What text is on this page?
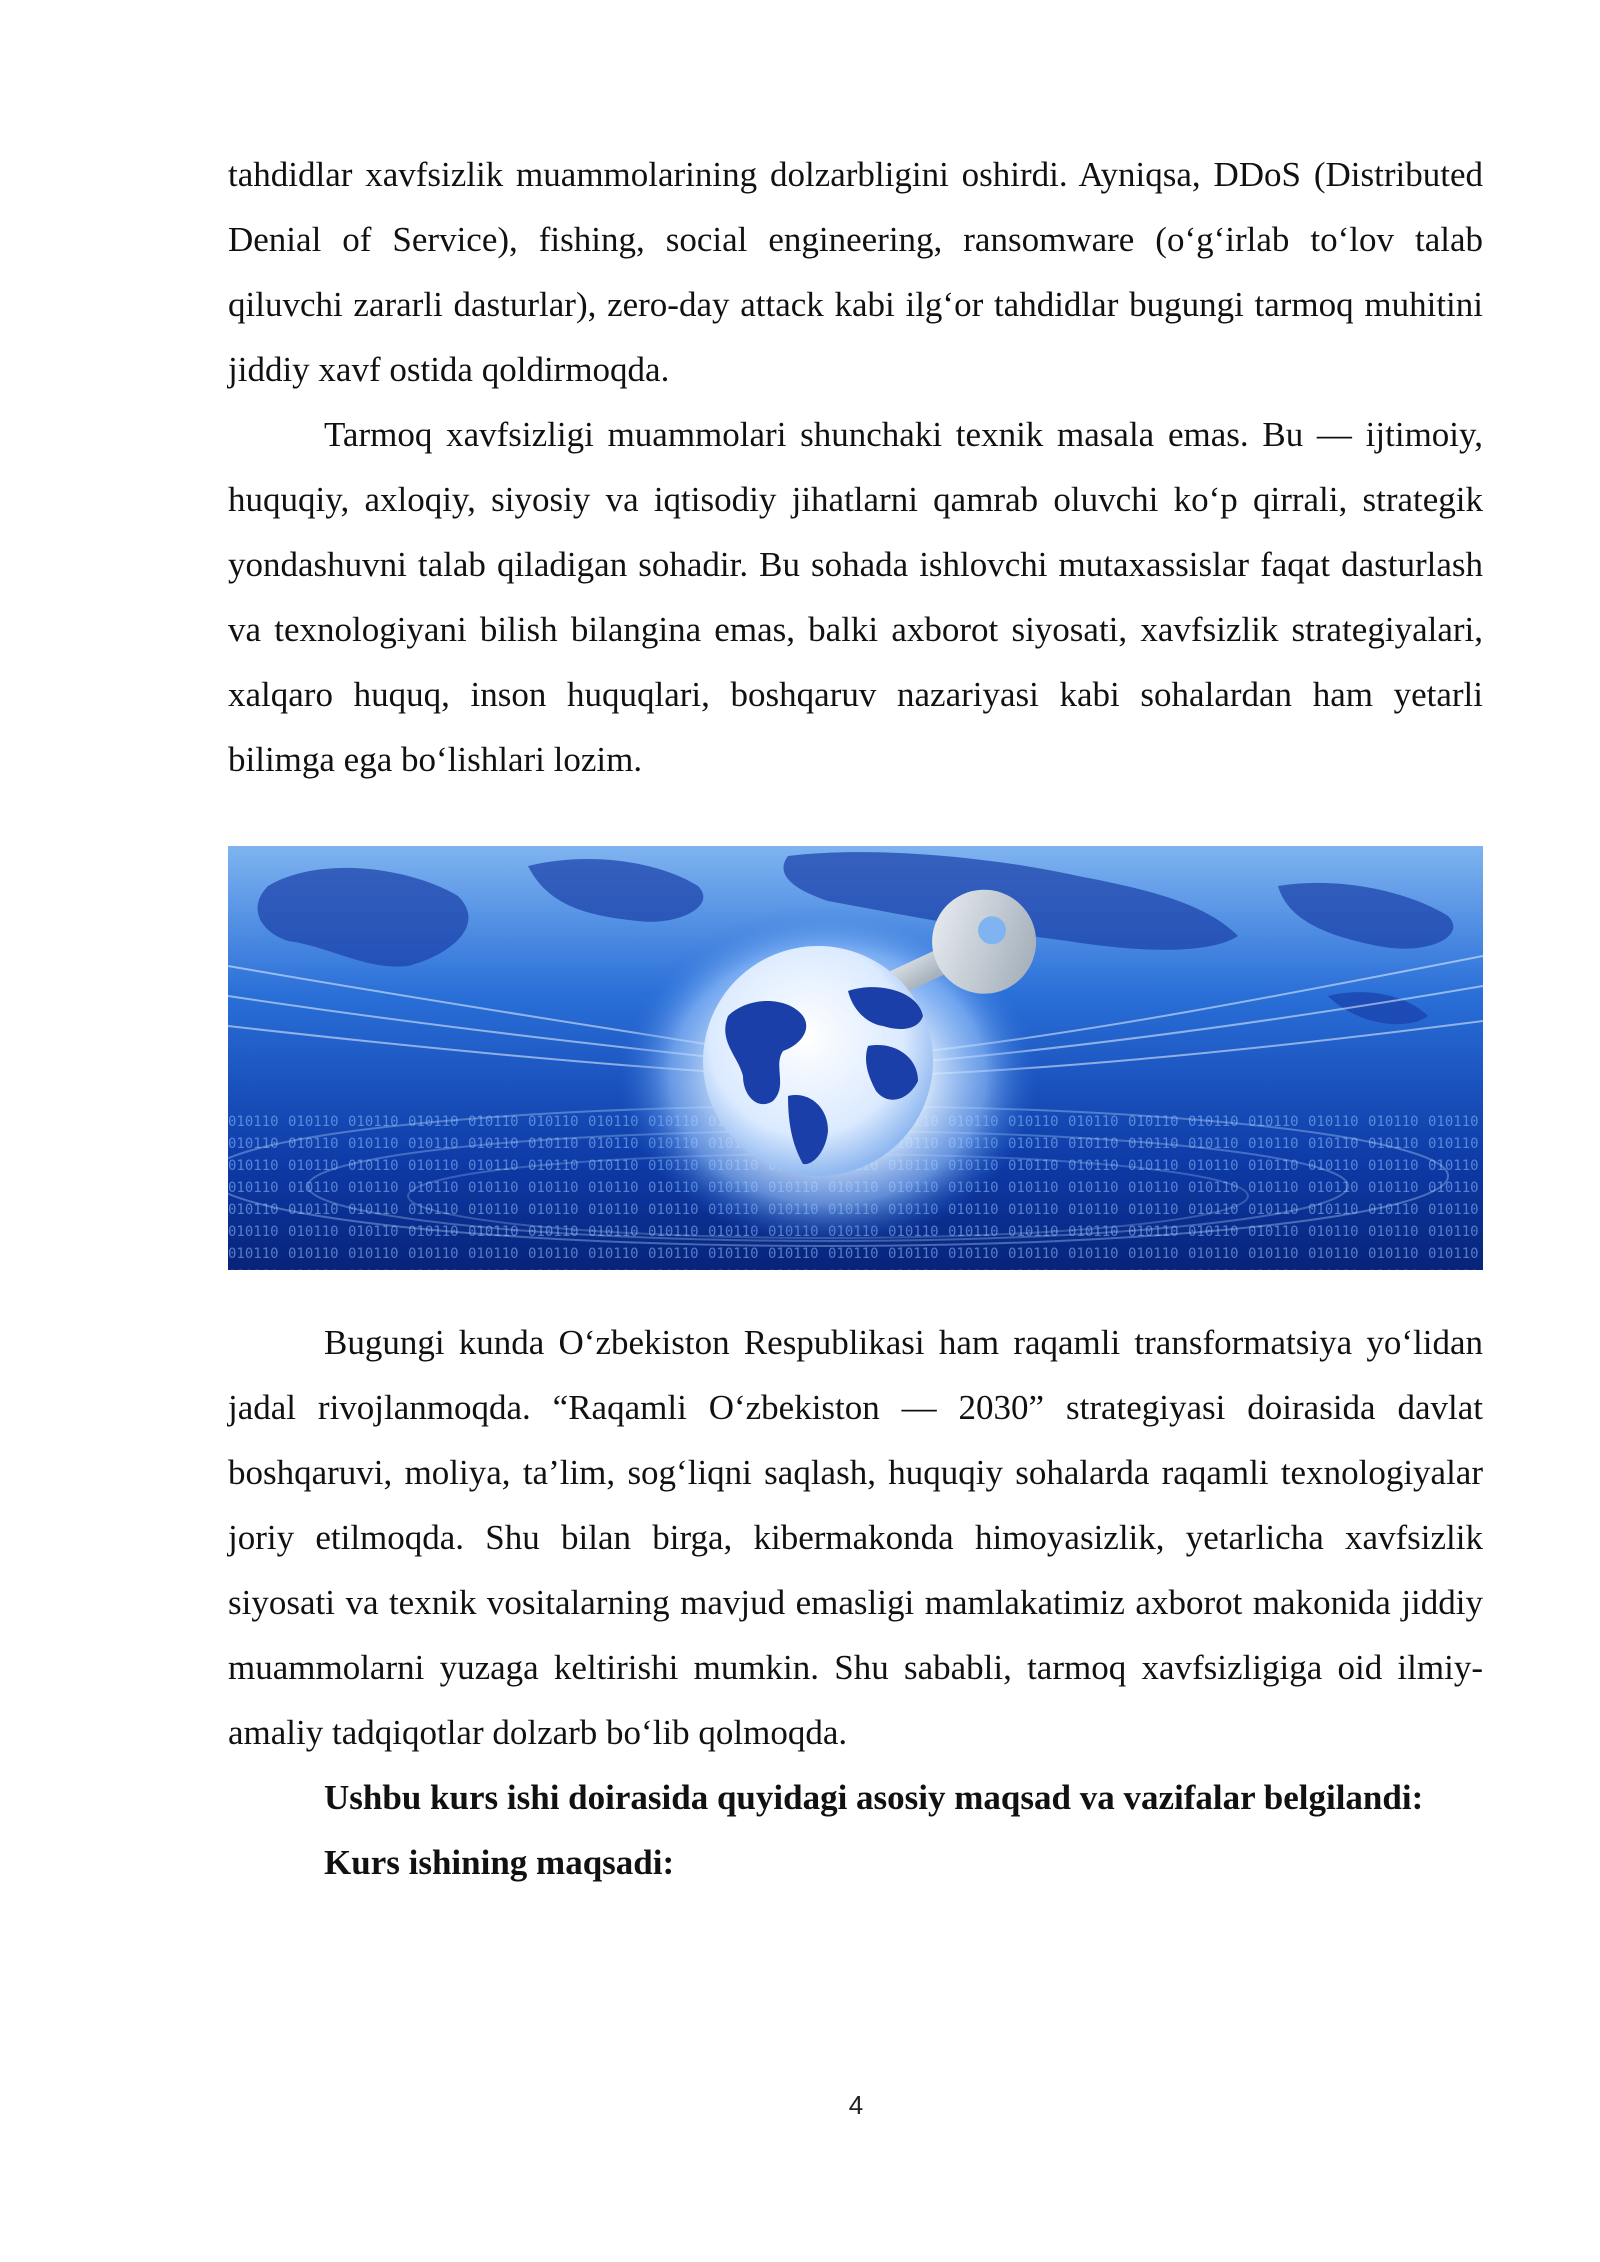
tahdidlar xavfsizlik muammolarining dolzarbligini oshirdi. Ayniqsa, DDoS (Distributed Denial of Service), fishing, social engineering, ransomware (o‘g‘irlab to‘lov talab qiluvchi zararli dasturlar), zero-day attack kabi ilg‘or tahdidlar bugungi tarmoq muhitini jiddiy xavf ostida qoldirmoqda.

Tarmoq xavfsizligi muammolari shunchaki texnik masala emas. Bu — ijtimoiy, huquqiy, axloqiy, siyosiy va iqtisodiy jihatlarni qamrab oluvchi ko‘p qirrali, strategik yondashuvni talab qiladigan sohadir. Bu sohada ishlovchi mutaxassislar faqat dasturlash va texnologiyani bilish bilangina emas, balki axborot siyosati, xavfsizlik strategiyalari, xalqaro huquq, inson huquqlari, boshqaruv nazariyasi kabi sohalardan ham yetarli bilimga ega bo‘lishlari lozim.

Bugungi kunda O‘zbekiston Respublikasi ham raqamli transformatsiya yo‘lidan jadal rivojlanmoqda. “Raqamli O‘zbekiston — 2030” strategiyasi doirasida davlat boshqaruvi, moliya, ta’lim, sog‘liqni saqlash, huquqiy sohalarda raqamli texnologiyalar joriy etilmoqda. Shu bilan birga, kibermakonda himoyasizlik, yetarlicha xavfsizlik siyosati va texnik vositalarning mavjud emasligi mamlakatimiz axborot makonida jiddiy muammolarni yuzaga keltirishi mumkin. Shu sababli, tarmoq xavfsizligiga oid ilmiy-amaliy tadqiqotlar dolzarb bo‘lib qolmoqda.

Ushbu kurs ishi doirasida quyidagi asosiy maqsad va vazifalar belgilandi:

Kurs ishining maqsadi:

4
